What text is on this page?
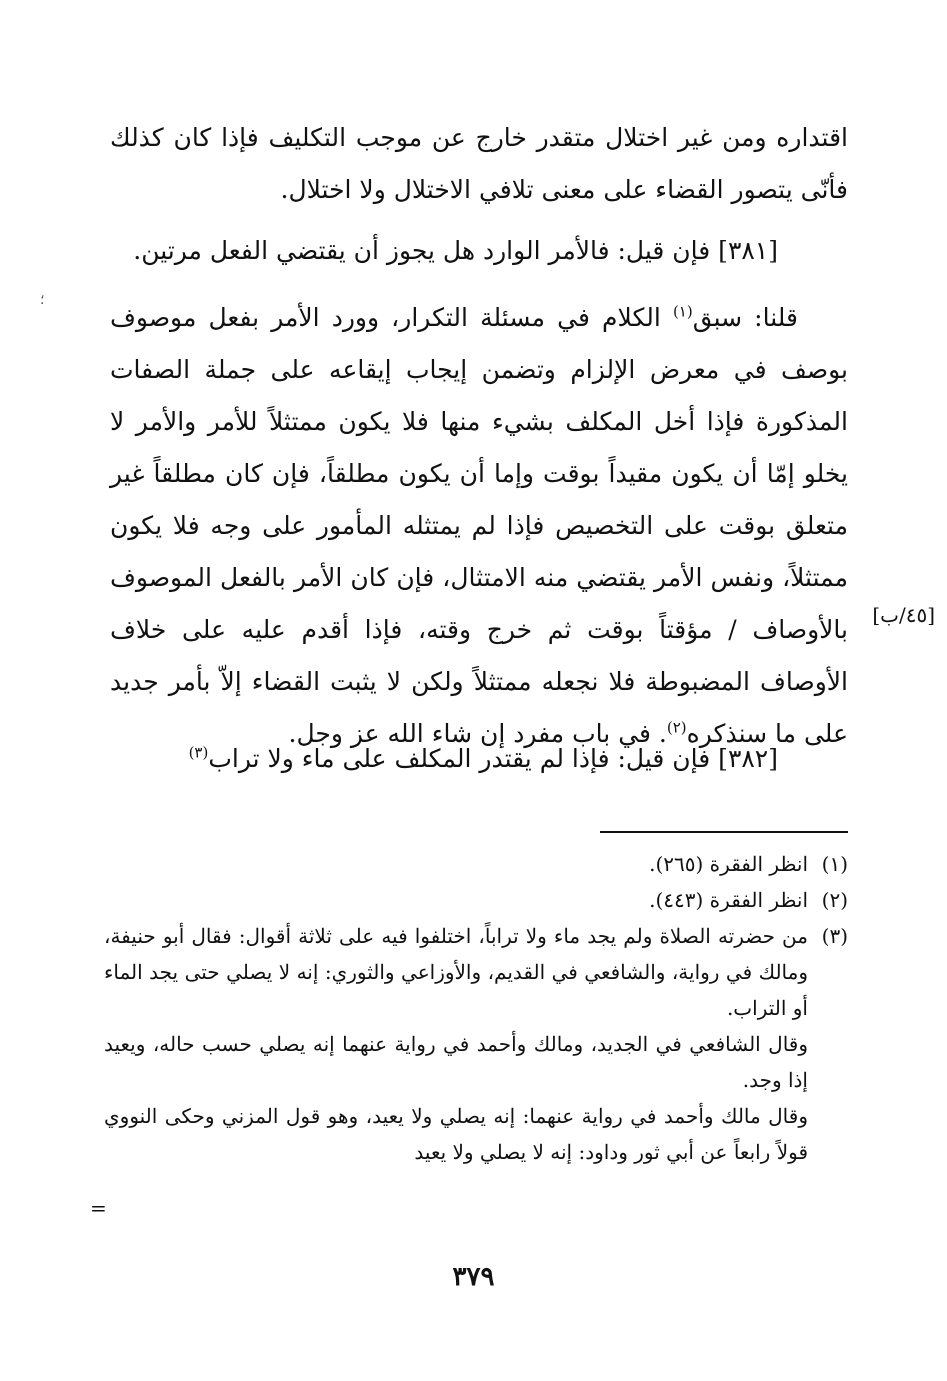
؛

اقتداره ومن غير اختلال متقدر خارج عن موجب التكليف فإذا كان كذلك فأنّى يتصور القضاء على معنى تلافي الاختلال ولا اختلال.

[٣٨١] فإن قيل: فالأمر الوارد هل يجوز أن يقتضي الفعل مرتين.

قلنا: سبق$^{(١)}$ الكلام في مسئلة التكرار، وورد الأمر بفعل موصوف بوصف في معرض الإلزام وتضمن إيجاب إيقاعه على جملة الصفات المذكورة فإذا أخل المكلف بشيء منها فلا يكون ممتثلاً للأمر والأمر لا يخلو إمّا أن يكون مقيداً بوقت وإما أن يكون مطلقاً، فإن كان مطلقاً غير متعلق بوقت على التخصيص فإذا لم يمتثله المأمور على وجه فلا يكون ممتثلاً، ونفس الأمر يقتضي منه الامتثال، فإن كان الأمر بالفعل الموصوف بالأوصاف / مؤقتاً بوقت ثم خرج وقته، فإذا أقدم عليه على خلاف الأوصاف المضبوطة فلا نجعله ممتثلاً ولكن لا يثبت القضاء إلاّ بأمر جديد على ما سنذكره$^{(٢)}$. في باب مفرد إن شاء الله عز وجل.

[٤٥/ب]

[٣٨٢] فإن قيل: فإذا لم يقتدر المكلف على ماء ولا تراب$^{(٣)}$

(١)
انظر الفقرة (٢٦٥).
(٢)
انظر الفقرة (٤٤٣).
(٣)
من حضرته الصلاة ولم يجد ماء ولا تراباً، اختلفوا فيه على ثلاثة أقوال: فقال أبو حنيفة، ومالك في رواية، والشافعي في القديم، والأوزاعي والثوري: إنه لا يصلي حتى يجد الماء أو التراب.
وقال الشافعي في الجديد، ومالك وأحمد في رواية عنهما إنه يصلي حسب حاله، ويعيد إذا وجد.
وقال مالك وأحمد في رواية عنهما: إنه يصلي ولا يعيد، وهو قول المزني وحكى النووي قولاً رابعاً عن أبي ثور وداود: إنه لا يصلي ولا يعيد
=
٣٧٩
